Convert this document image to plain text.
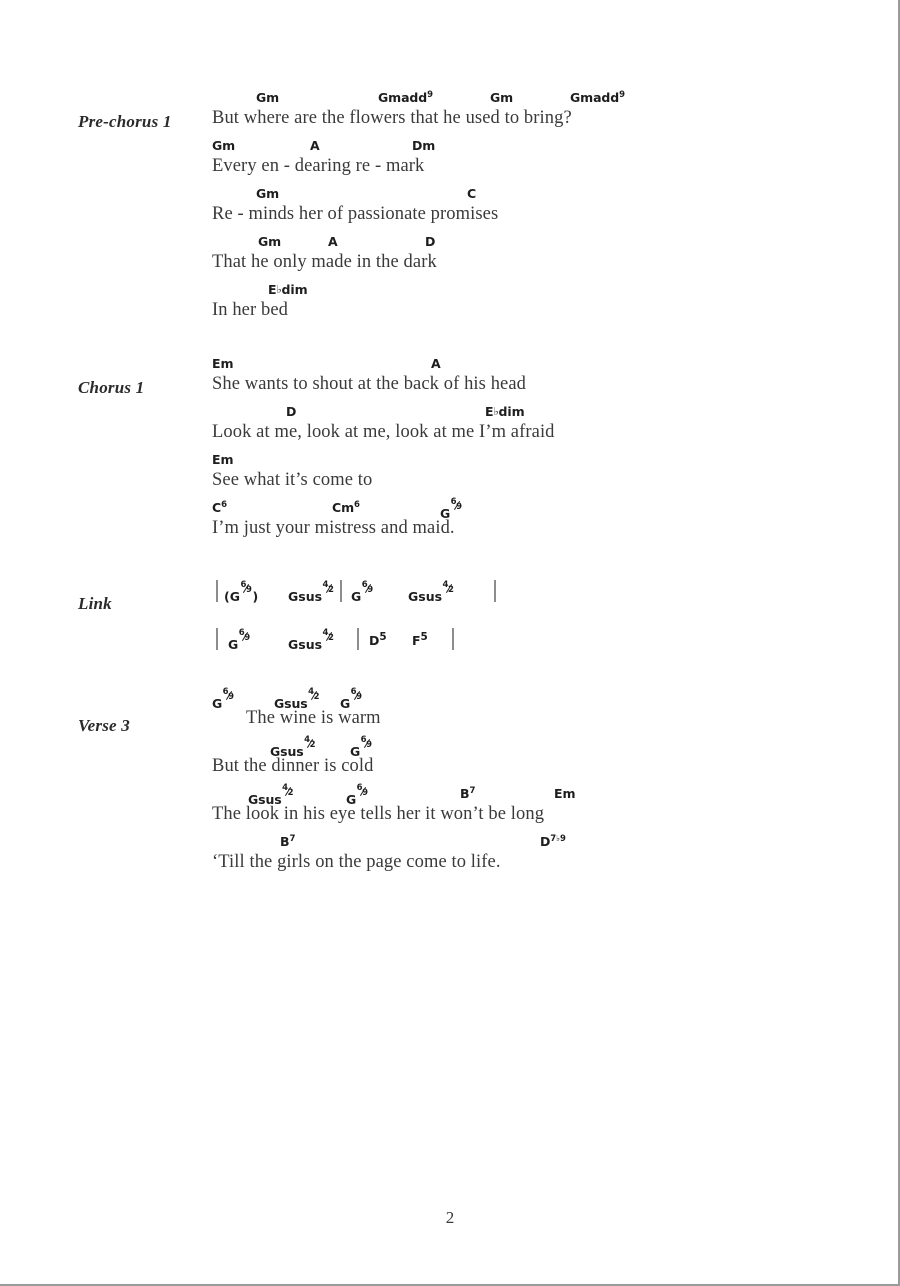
Pre-chorus 1
Gm	Gmadd$^9$	Gm	Gmadd$^9$
But where are the flowers that he used to bring?
Gm	A	Dm
Every en - dearing re - mark
Gm	C
Re - minds her of passionate promises
Gm	A	D
That he only made in the dark
E♭dim
In her bed
Chorus 1
Em	A
She wants to shout at the back of his head
D	E♭dim
Look at me, look at me, look at me I’m afraid
Em
See what it’s come to
$C^6$	Cm$^6$
G
6 9
I’m just your mistress and maid.
Link	(G
6 9 ) Gsus
4 2 G
6 9	Gsus
4 2
G
6 9	Gsus
4 2	$D^5$ $F^5$
Verse 3
G
6 9	Gsus
4 2 G
6 9
The wine is warm
Gsus
4 2	G
6 9
But the dinner is cold
Gsus
4 2	G
6 9	$B^7$	Em
The look in his eye tells her it won’t be long
$B^7$	$D^{7♭9}$
‘Till the girls on the page come to life.
2
